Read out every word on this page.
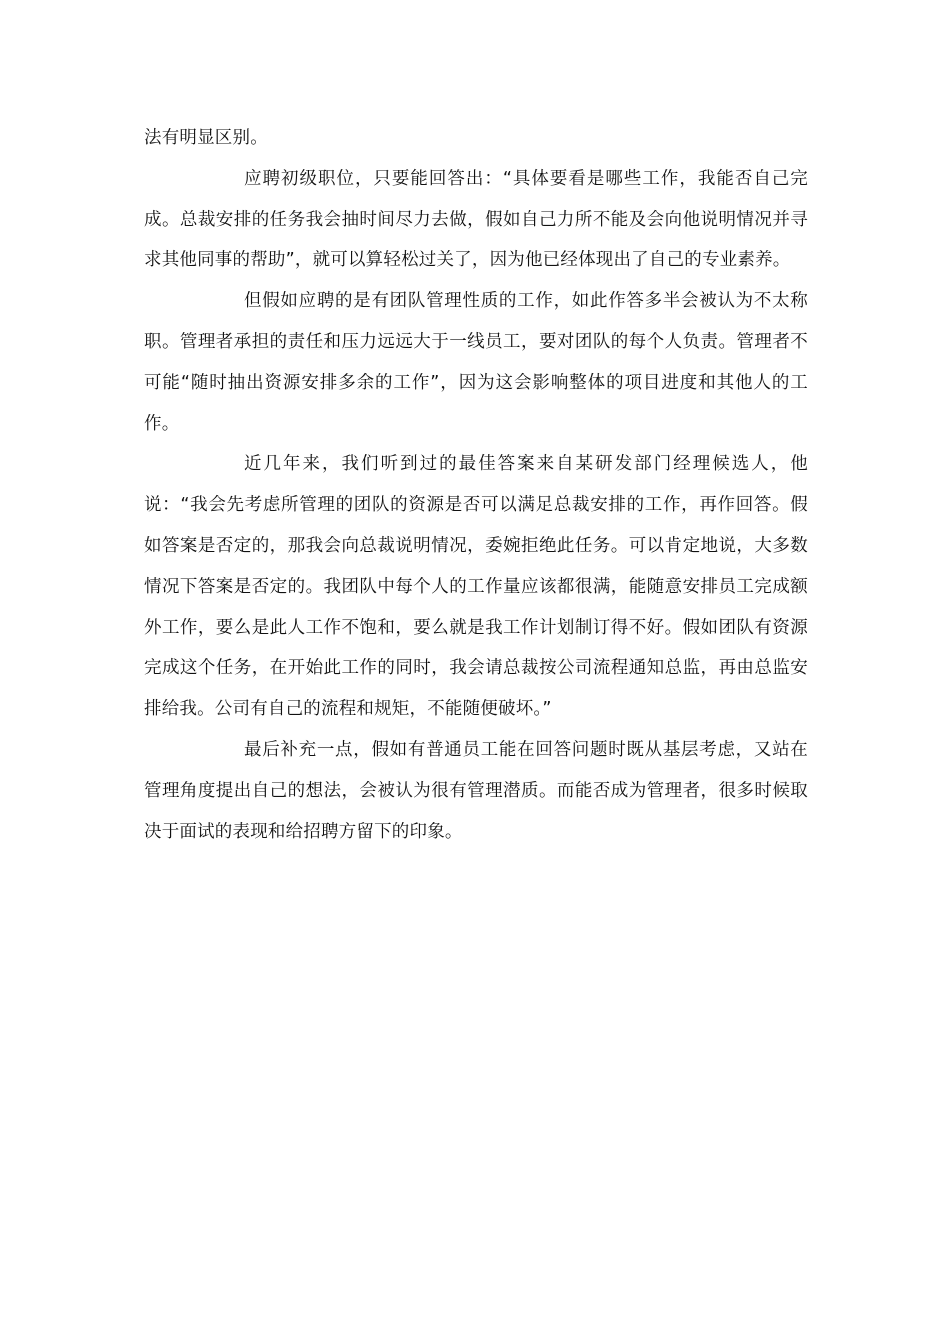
法有明显区别。

应聘初级职位，只要能回答出：“具体要看是哪些工作，我能否自己完成。总裁安排的任务我会抽时间尽力去做，假如自己力所不能及会向他说明情况并寻求其他同事的帮助”，就可以算轻松过关了，因为他已经体现出了自己的专业素养。

但假如应聘的是有团队管理性质的工作，如此作答多半会被认为不太称职。管理者承担的责任和压力远远大于一线员工，要对团队的每个人负责。管理者不可能“随时抽出资源安排多余的工作”，因为这会影响整体的项目进度和其他人的工作。

近几年来，我们听到过的最佳答案来自某研发部门经理候选人，他说：“我会先考虑所管理的团队的资源是否可以满足总裁安排的工作，再作回答。假如答案是否定的，那我会向总裁说明情况，委婉拒绝此任务。可以肯定地说，大多数情况下答案是否定的。我团队中每个人的工作量应该都很满，能随意安排员工完成额外工作，要么是此人工作不饱和，要么就是我工作计划制订得不好。假如团队有资源完成这个任务，在开始此工作的同时，我会请总裁按公司流程通知总监，再由总监安排给我。公司有自己的流程和规矩，不能随便破坏。”

最后补充一点，假如有普通员工能在回答问题时既从基层考虑，又站在管理角度提出自己的想法，会被认为很有管理潜质。而能否成为管理者，很多时候取决于面试的表现和给招聘方留下的印象。
